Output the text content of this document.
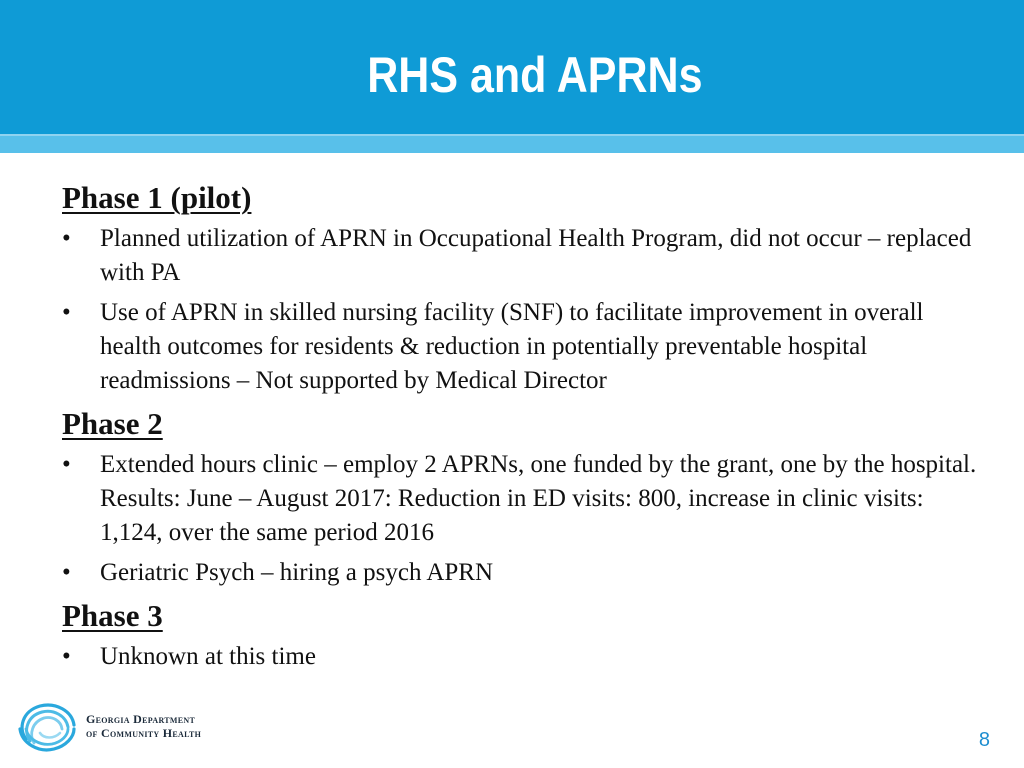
RHS and APRNs

Phase 1 (pilot)

• Planned utilization of APRN in Occupational Health Program, did not occur – replaced with PA
• Use of APRN in skilled nursing facility (SNF) to facilitate improvement in overall health outcomes for residents & reduction in potentially preventable hospital readmissions – Not supported by Medical Director

Phase 2

• Extended hours clinic – employ 2 APRNs, one funded by the grant, one by the hospital. Results: June – August 2017: Reduction in ED visits: 800, increase in clinic visits: 1,124, over the same period 2016
• Geriatric Psych – hiring a psych APRN

Phase 3

• Unknown at this time
Georgia Department
of Community Health	8
